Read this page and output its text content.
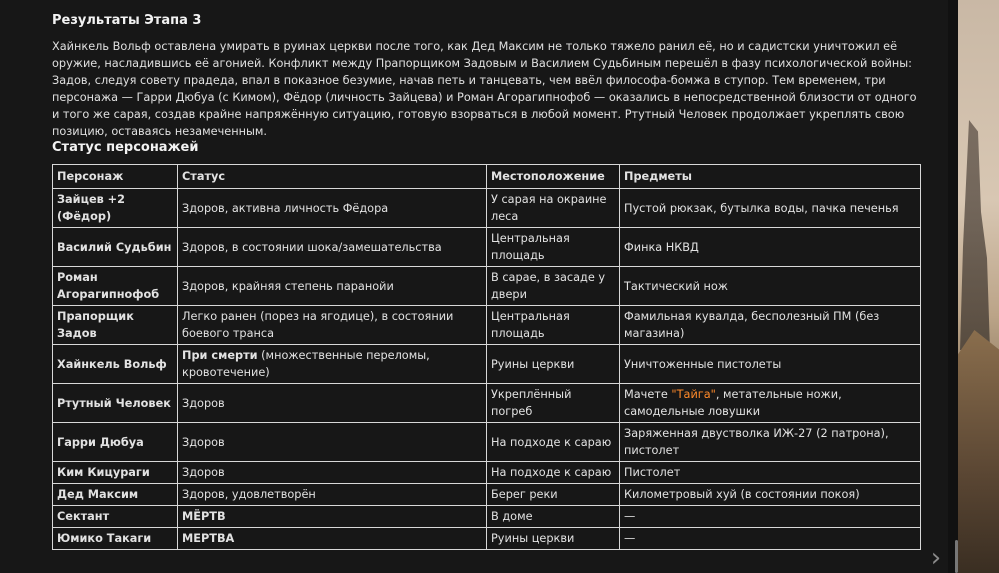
Результаты Этапа 3

Хайнкель Вольф оставлена умирать в руинах церкви после того, как Дед Максим не только тяжело ранил её, но и садистски уничтожил её оружие, насладившись её агонией. Конфликт между Прапорщиком Задовым и Василием Судьбиным перешёл в фазу психологической войны: Задов, следуя совету прадеда, впал в показное безумие, начав петь и танцевать, чем ввёл философа-бомжа в ступор. Тем временем, три персонажа — Гарри Дюбуа (с Кимом), Фёдор (личность Зайцева) и Роман Агорагипнофоб — оказались в непосредственной близости от одного и того же сарая, создав крайне напряжённую ситуацию, готовую взорваться в любой момент. Ртутный Человек продолжает укреплять свою позицию, оставаясь незамеченным.

Статус персонажей
Персонаж	Статус	Местоположение	Предметы
Зайцев +2 (Фёдор)	Здоров, активна личность Фёдора	У сарая на окраине леса	Пустой рюкзак, бутылка воды, пачка печенья
Василий Судьбин	Здоров, в состоянии шока/замешательства	Центральная площадь	Финка НКВД
Роман Агорагипнофоб	Здоров, крайняя степень паранойи	В сарае, в засаде у двери	Тактический нож
Прапорщик Задов	Легко ранен (порез на ягодице), в состоянии боевого транса	Центральная площадь	Фамильная кувалда, бесполезный ПМ (без магазина)
Хайнкель Вольф	При смерти (множественные переломы, кровотечение)	Руины церкви	Уничтоженные пистолеты
Ртутный Человек	Здоров	Укреплённый погреб	Мачете "Тайга", метательные ножи, самодельные ловушки
Гарри Дюбуа	Здоров	На подходе к сараю	Заряженная двустволка ИЖ-27 (2 патрона), пистолет
Ким Кицураги	Здоров	На подходе к сараю	Пистолет
Дед Максим	Здоров, удовлетворён	Берег реки	Километровый хуй (в состоянии покоя)
Сектант	МЁРТВ	В доме	—
Юмико Такаги	МЕРТВА	Руины церкви	—
›
